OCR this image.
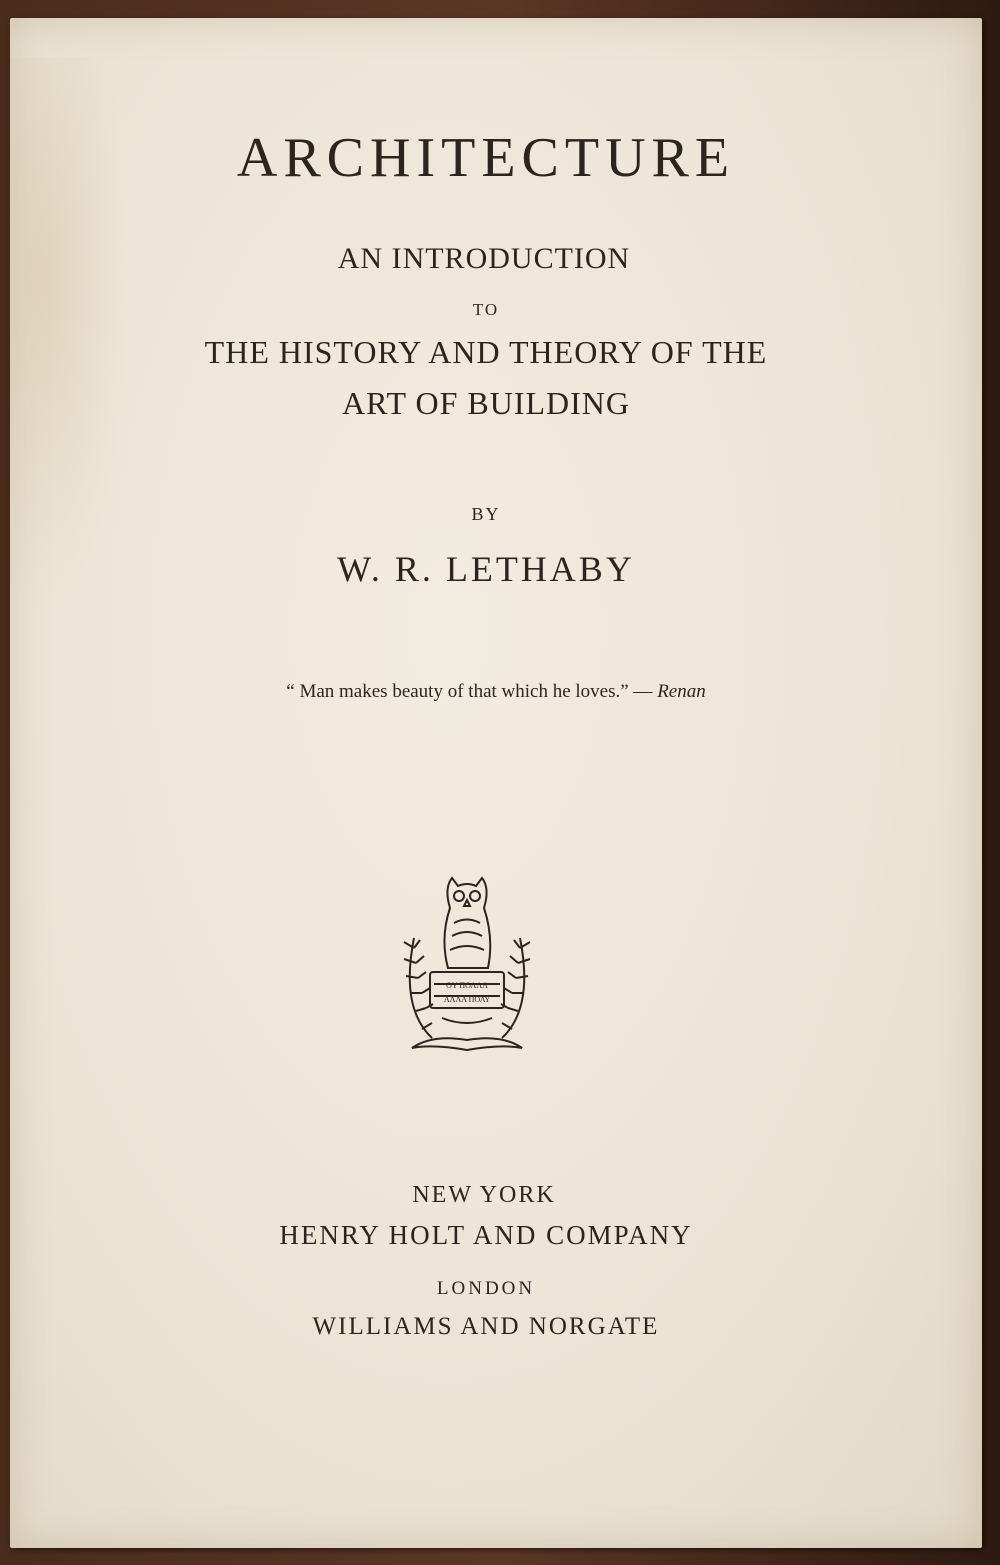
ARCHITECTURE
AN INTRODUCTION
TO
THE HISTORY AND THEORY OF THE
ART OF BUILDING
BY
W. R. LETHABY
“ Man makes beauty of that which he loves.” — Renan
OY ΠΟΛΛΑ
ΑΛΛΑ ΠΟΛΥ
NEW YORK
HENRY HOLT AND COMPANY
LONDON
WILLIAMS AND NORGATE
